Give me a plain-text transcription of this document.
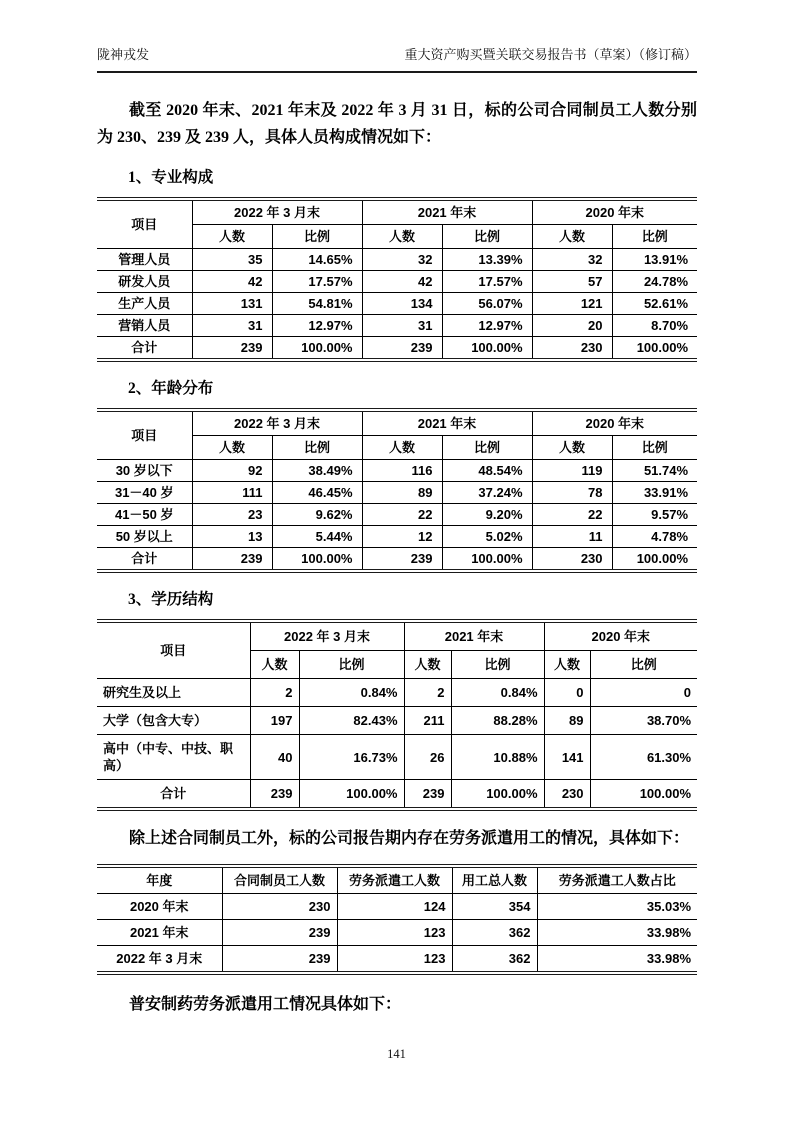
陇神戎发	重大资产购买暨关联交易报告书（草案）（修订稿）

截至 2020 年末、2021 年末及 2022 年 3 月 31 日，标的公司合同制员工人数分别为 230、239 及 239 人，具体人员构成情况如下：

1、专业构成
项目	2022 年 3 月末		2021 年末		2020 年末	
	人数	比例	人数	比例	人数	比例
管理人员	35	14.65%	32	13.39%	32	13.91%
研发人员	42	17.57%	42	17.57%	57	24.78%
生产人员	131	54.81%	134	56.07%	121	52.61%
营销人员	31	12.97%	31	12.97%	20	8.70%
合计	239	100.00%	239	100.00%	230	100.00%
2、年龄分布
项目	2022 年 3 月末		2021 年末		2020 年末	
	人数	比例	人数	比例	人数	比例
30 岁以下	92	38.49%	116	48.54%	119	51.74%
31－40 岁	111	46.45%	89	37.24%	78	33.91%
41－50 岁	23	9.62%	22	9.20%	22	9.57%
50 岁以上	13	5.44%	12	5.02%	11	4.78%
合计	239	100.00%	239	100.00%	230	100.00%
3、学历结构
项目	2022 年 3 月末		2021 年末		2020 年末	
	人数	比例	人数	比例	人数	比例
研究生及以上	2	0.84%	2	0.84%	0	0
大学（包含大专）	197	82.43%	211	88.28%	89	38.70%
高中（中专、中技、职高）	40	16.73%	26	10.88%	141	61.30%
合计	239	100.00%	239	100.00%	230	100.00%

除上述合同制员工外，标的公司报告期内存在劳务派遣用工的情况，具体如下：

年度	合同制员工人数	劳务派遣工人数	用工总人数	劳务派遣工人数占比
2020 年末	230	124	354	35.03%
2021 年末	239	123	362	33.98%
2022 年 3 月末	239	123	362	33.98%

普安制药劳务派遣用工情况具体如下：

141
